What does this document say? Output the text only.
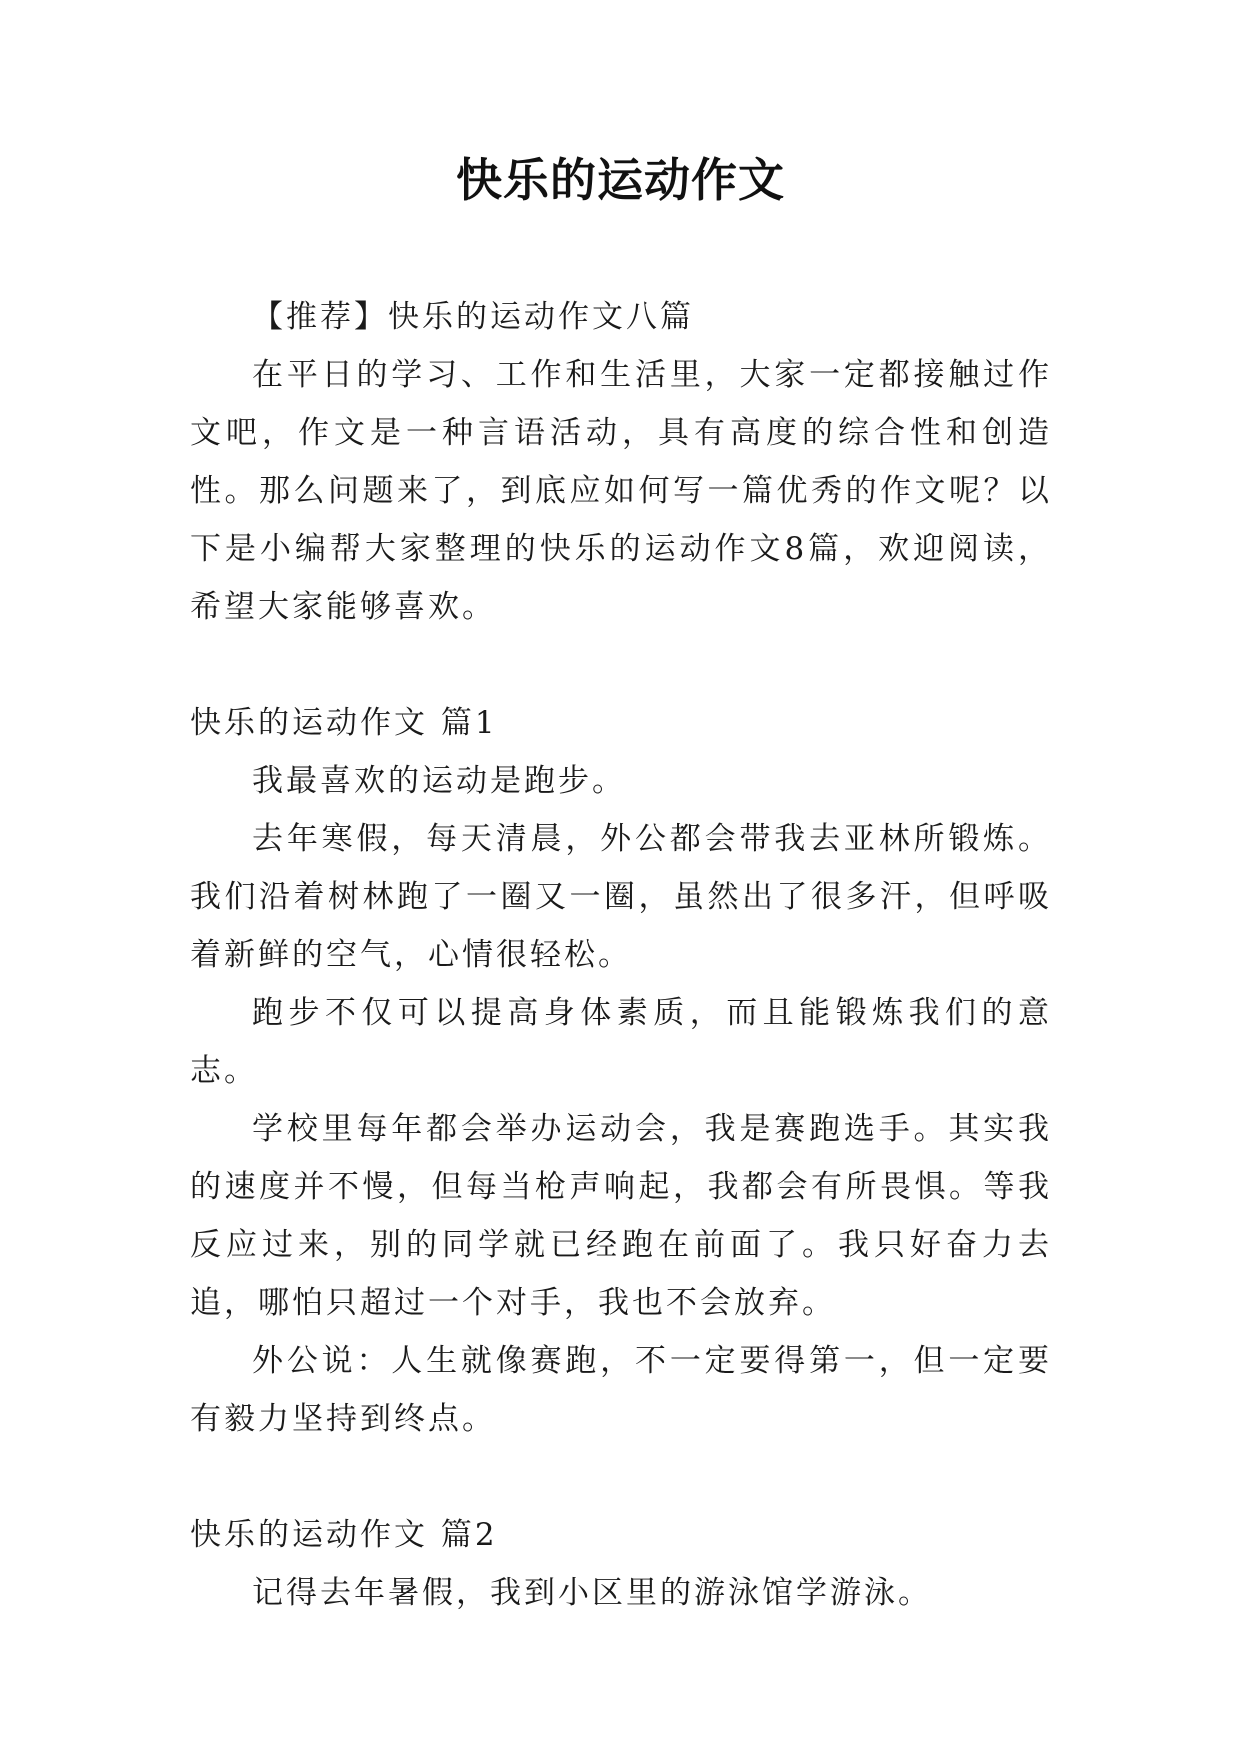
快乐的运动作文

【推荐】快乐的运动作文八篇

在平日的学习、工作和生活里，大家一定都接触过作文吧，作文是一种言语活动，具有高度的综合性和创造性。那么问题来了，到底应如何写一篇优秀的作文呢？以下是小编帮大家整理的快乐的运动作文8篇，欢迎阅读，希望大家能够喜欢。

快乐的运动作文 篇1

我最喜欢的运动是跑步。

去年寒假，每天清晨，外公都会带我去亚林所锻炼。我们沿着树林跑了一圈又一圈，虽然出了很多汗，但呼吸着新鲜的空气，心情很轻松。

跑步不仅可以提高身体素质，而且能锻炼我们的意志。

学校里每年都会举办运动会，我是赛跑选手。其实我的速度并不慢，但每当枪声响起，我都会有所畏惧。等我反应过来，别的同学就已经跑在前面了。我只好奋力去追，哪怕只超过一个对手，我也不会放弃。

外公说：人生就像赛跑，不一定要得第一，但一定要有毅力坚持到终点。

快乐的运动作文 篇2

记得去年暑假，我到小区里的游泳馆学游泳。
